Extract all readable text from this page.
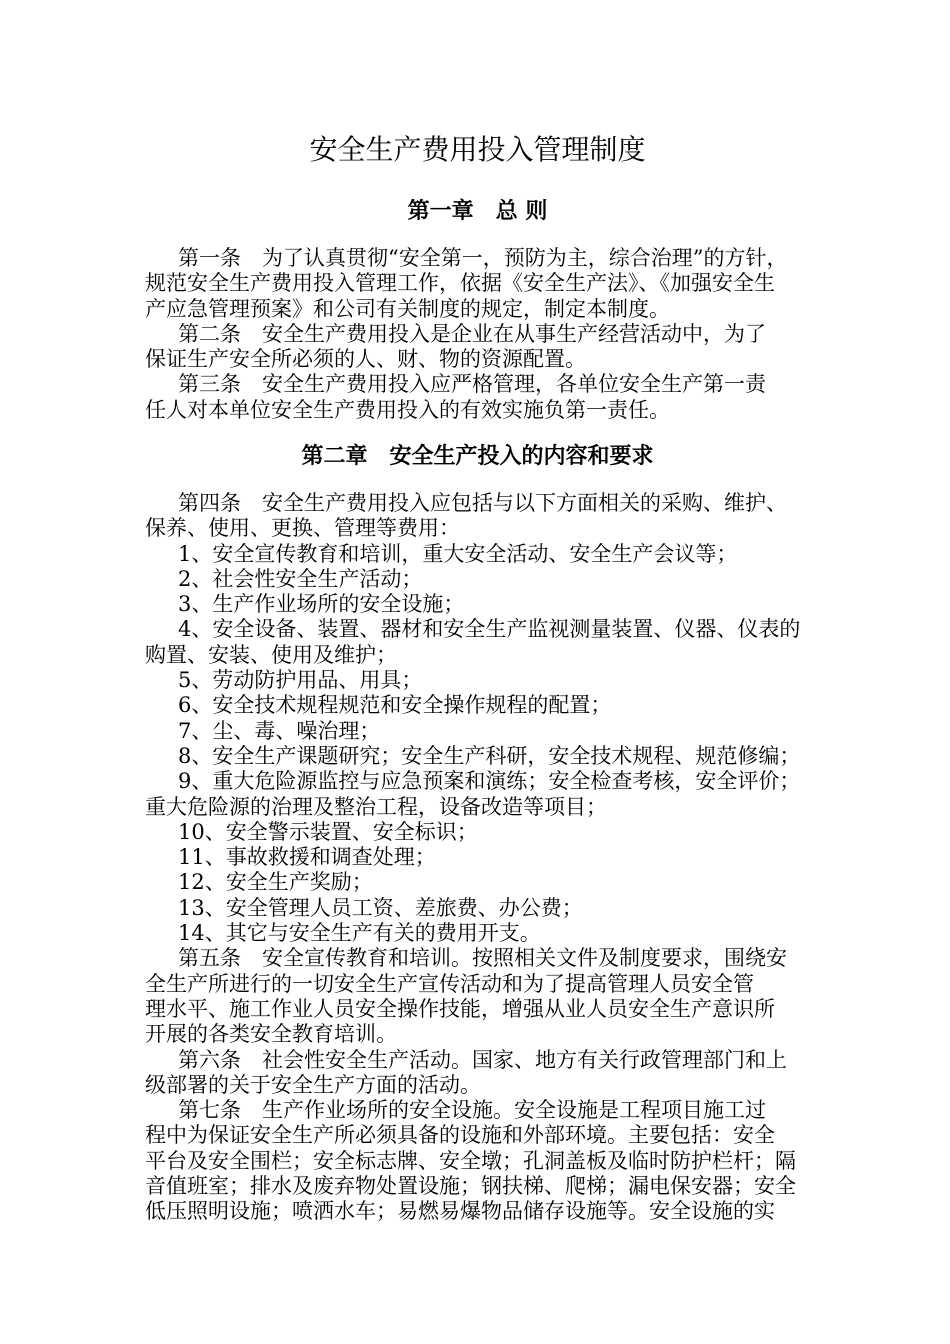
安全生产费用投入管理制度
第一章　总 则
第一条　为了认真贯彻“安全第一，预防为主，综合治理”的方针，
规范安全生产费用投入管理工作，依据《安全生产法》、《加强安全生
产应急管理预案》和公司有关制度的规定，制定本制度。
第二条　安全生产费用投入是企业在从事生产经营活动中，为了
保证生产安全所必须的人、财、物的资源配置。
第三条　安全生产费用投入应严格管理，各单位安全生产第一责
任人对本单位安全生产费用投入的有效实施负第一责任。
第二章　安全生产投入的内容和要求
第四条　安全生产费用投入应包括与以下方面相关的采购、维护、
保养、使用、更换、管理等费用：
1、安全宣传教育和培训，重大安全活动、安全生产会议等；
2、社会性安全生产活动；
3、生产作业场所的安全设施；
4、安全设备、装置、器材和安全生产监视测量装置、仪器、仪表的
购置、安装、使用及维护；
5、劳动防护用品、用具；
6、安全技术规程规范和安全操作规程的配置；
7、尘、毒、噪治理；
8、安全生产课题研究；安全生产科研，安全技术规程、规范修编；
9、重大危险源监控与应急预案和演练；安全检查考核，安全评价；
重大危险源的治理及整治工程，设备改造等项目；
10、安全警示装置、安全标识；
11、事故救援和调查处理；
12、安全生产奖励；
13、安全管理人员工资、差旅费、办公费；
14、其它与安全生产有关的费用开支。
第五条　安全宣传教育和培训。按照相关文件及制度要求，围绕安
全生产所进行的一切安全生产宣传活动和为了提高管理人员安全管
理水平、施工作业人员安全操作技能，增强从业人员安全生产意识所
开展的各类安全教育培训。
第六条　社会性安全生产活动。国家、地方有关行政管理部门和上
级部署的关于安全生产方面的活动。
第七条　生产作业场所的安全设施。安全设施是工程项目施工过
程中为保证安全生产所必须具备的设施和外部环境。主要包括：安全
平台及安全围栏；安全标志牌、安全墩；孔洞盖板及临时防护栏杆；隔
音值班室；排水及废弃物处置设施；钢扶梯、爬梯；漏电保安器；安全
低压照明设施；喷洒水车；易燃易爆物品储存设施等。安全设施的实
